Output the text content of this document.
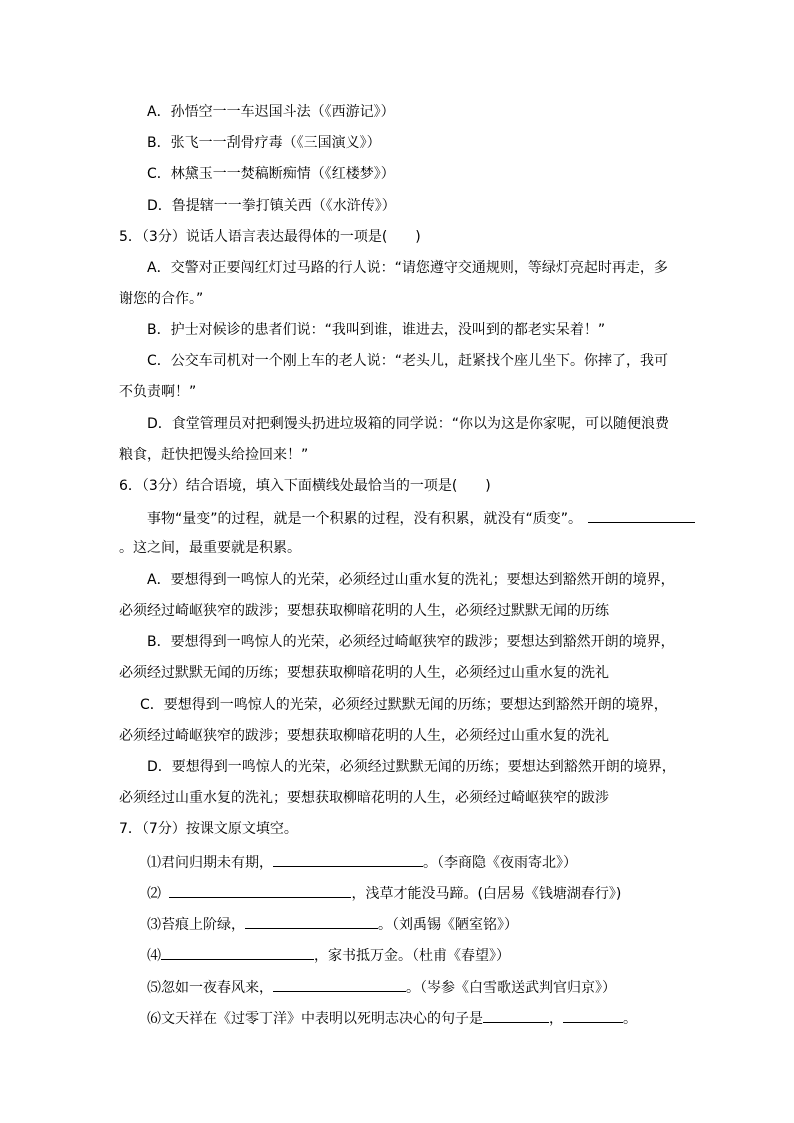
A．孙悟空一一车迟国斗法（《西游记》）
B．张飞一一刮骨疗毒（《三国演义》）
C．林黛玉一一焚稿断痴情（《红楼梦》）
D．鲁提辖一一拳打镇关西（《水浒传》）
5．（3分）说话人语言表达最得体的一项是(　　)
A．交警对正要闯红灯过马路的行人说：“请您遵守交通规则，等绿灯亮起时再走，多
谢您的合作。”
B．护士对候诊的患者们说：“我叫到谁，谁进去，没叫到的都老实呆着！”
C．公交车司机对一个刚上车的老人说：“老头儿，赶紧找个座儿坐下。你摔了，我可
不负责啊！”
D．食堂管理员对把剩馒头扔进垃圾箱的同学说：“你以为这是你家呢，可以随便浪费
粮食，赶快把馒头给捡回来！”
6．（3分）结合语境，填入下面横线处最恰当的一项是(　　)
事物“量变”的过程，就是一个积累的过程，没有积累，就没有“质变”。
。这之间，最重要就是积累。
A．要想得到一鸣惊人的光荣，必须经过山重水复的洗礼；要想达到豁然开朗的境界，
必须经过崎岖狭窄的跋涉；要想获取柳暗花明的人生，必须经过默默无闻的历练
B．要想得到一鸣惊人的光荣，必须经过崎岖狭窄的跋涉；要想达到豁然开朗的境界，
必须经过默默无闻的历练；要想获取柳暗花明的人生，必须经过山重水复的洗礼
C．要想得到一鸣惊人的光荣，必须经过默默无闻的历练；要想达到豁然开朗的境界，
必须经过崎岖狭窄的跋涉；要想获取柳暗花明的人生，必须经过山重水复的洗礼
D．要想得到一鸣惊人的光荣，必须经过默默无闻的历练；要想达到豁然开朗的境界，
必须经过山重水复的洗礼；要想获取柳暗花明的人生，必须经过崎岖狭窄的跋涉
7．（7分）按课文原文填空。
⑴君问归期未有期，	。（李商隐《夜雨寄北》）
⑵	，浅草才能没马蹄。(白居易《钱塘湖春行》)
⑶苔痕上阶绿，	。（刘禹锡《陋室铭》）
⑷	，家书抵万金。（杜甫《春望》）
⑸忽如一夜春风来，	。（岑参《白雪歌送武判官归京》）
⑹文天祥在《过零丁洋》中表明以死明志决心的句子是	，	。
